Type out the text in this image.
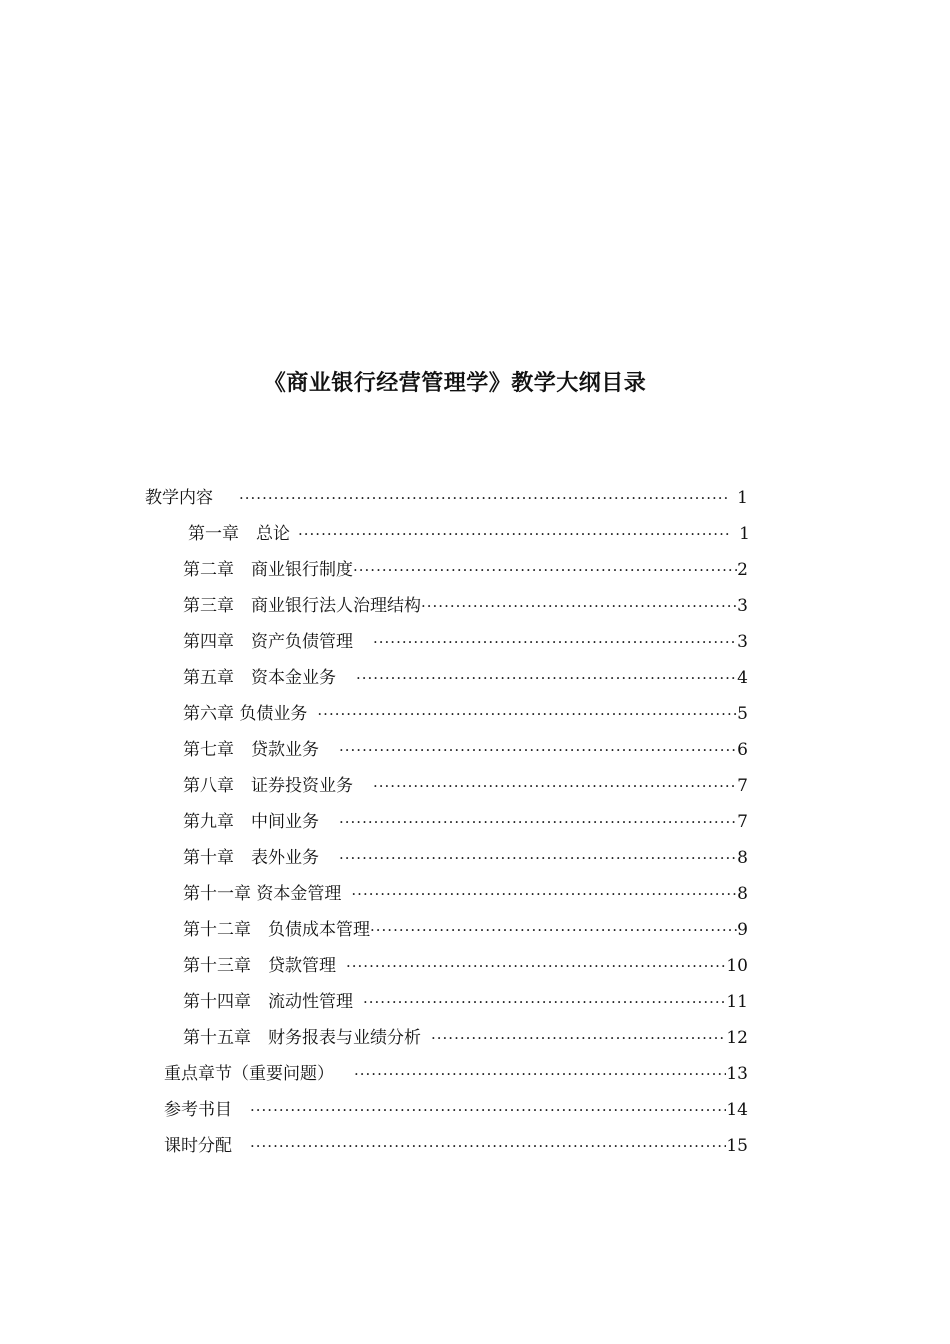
《商业银行经营管理学》教学大纲目录
教学内容 ·····	1
第一章　总论 ·····	1
第二章　商业银行制度 ·····	2
第三章　商业银行法人治理结构 ·····	3
第四章　资产负债管理 ·····	3
第五章　资本金业务 ·····	4
第六章 负债业务 ·····	5
第七章　贷款业务 ·····	6
第八章　证券投资业务 ·····	7
第九章　中间业务 ·····	7
第十章　表外业务 ·····	8
第十一章 资本金管理 ·····	8
第十二章　负债成本管理 ·····	9
第十三章　贷款管理 ·····	10
第十四章　流动性管理 ·····	11
第十五章　财务报表与业绩分析 ·····	12
重点章节（重要问题） ·····	13
参考书目 ·····	14
课时分配 ·····	15
